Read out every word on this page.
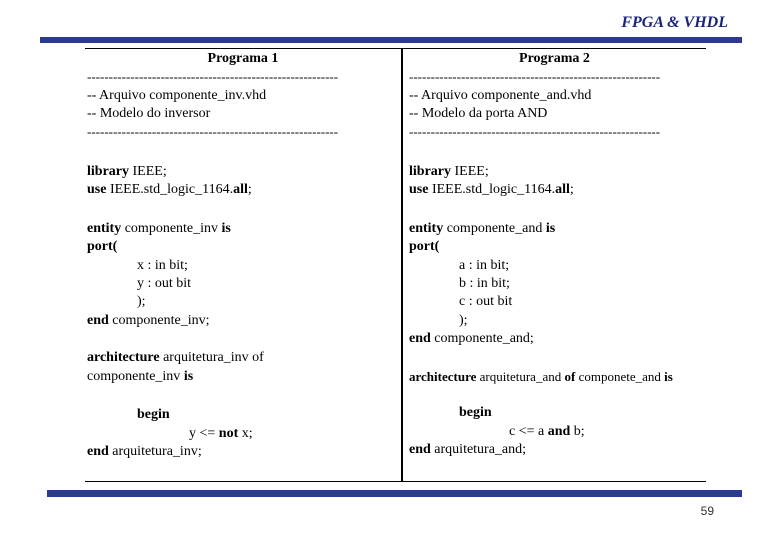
FPGA & VHDL
Programa 1
----------------------------------------------------------
-- Arquivo componente_inv.vhd
-- Modelo do inversor
----------------------------------------------------------
library IEEE;
use IEEE.std_logic_1164.all;
entity componente_inv is
port(
x : in bit;
y : out bit
);
end componente_inv;
architecture arquitetura_inv of
componente_inv is
begin
y <= not x;
end arquitetura_inv;
Programa 2
----------------------------------------------------------
-- Arquivo componente_and.vhd
-- Modelo da porta AND
----------------------------------------------------------
library IEEE;
use IEEE.std_logic_1164.all;
entity componente_and is
port(
a : in bit;
b : in bit;
c : out bit
);
end componente_and;
architecture arquitetura_and of componete_and is
begin
c <= a and b;
end arquitetura_and;
59
